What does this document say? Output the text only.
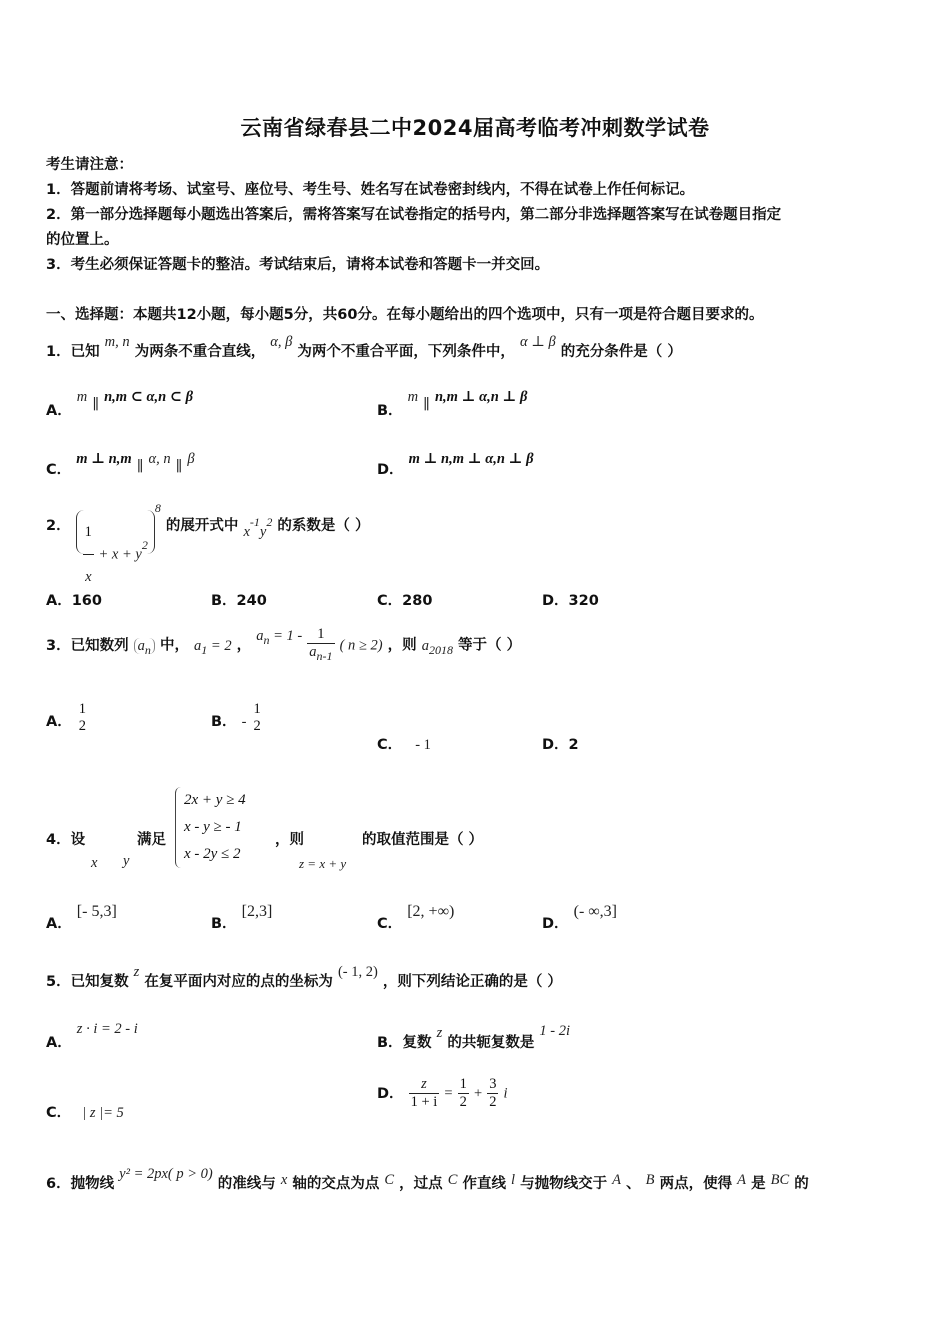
云南省绿春县二中2024届高考临考冲刺数学试卷
考生请注意：
1．答题前请将考场、试室号、座位号、考生号、姓名写在试卷密封线内，不得在试卷上作任何标记。
2．第一部分选择题每小题选出答案后，需将答案写在试卷指定的括号内，第二部分非选择题答案写在试卷题目指定
的位置上。
3．考生必须保证答题卡的整洁。考试结束后，请将本试卷和答题卡一并交回。
一、选择题：本题共12小题，每小题5分，共60分。在每小题给出的四个选项中，只有一项是符合题目要求的。
1．已知 m, n 为两条不重合直线， α, β 为两个不重合平面，下列条件中， α ⊥ β 的充分条件是（ ）
A． m ∥ n,m ⊂ α,n ⊂ β
B． m ∥ n,m ⊥ α,n ⊥ β
C． m ⊥ n,m ∥ α, n ∥ β
D． m ⊥ n,m ⊥ α,n ⊥ β
2． $\frac{1}{x} + x + y^{28}$ 的展开式中 $x^{-1}y^2$ 的系数是（ ）
A．160	B．240	C．280	D．320
3．已知数列 $a_n$ 中， $a_1 = 2$ ， $a_n = 1 - \frac{1}{a_{n-1}}$ ( n ≥ 2) ，则 $a_{2018}$ 等于（ ）
A．
1
2	B． -
1
2
C． - 1	D．2
4．设
x
满足
y
2x + y ≥ 4
x - y ≥ - 1
x - 2y ≤ 2
，则
z = x + y
的取值范围是（ ）
A． [- 5,3]
B． [2,3]
C． [2, +∞)
D． (- ∞,3]
5．已知复数 z 在复平面内对应的点的坐标为 (- 1, 2) ，则下列结论正确的是（ ）
A． z · i = 2 - i
B．复数 z 的共轭复数是 1 - 2i
C． | z |= 5
D． $\frac{z}{1 + i} = \frac{1}{2} + \frac{3}{2}$ i
6．抛物线 y² = 2px( p > 0) 的准线与 x 轴的交点为点 C ，过点 C 作直线 l 与抛物线交于 A 、 B 两点，使得 A 是 BC 的
